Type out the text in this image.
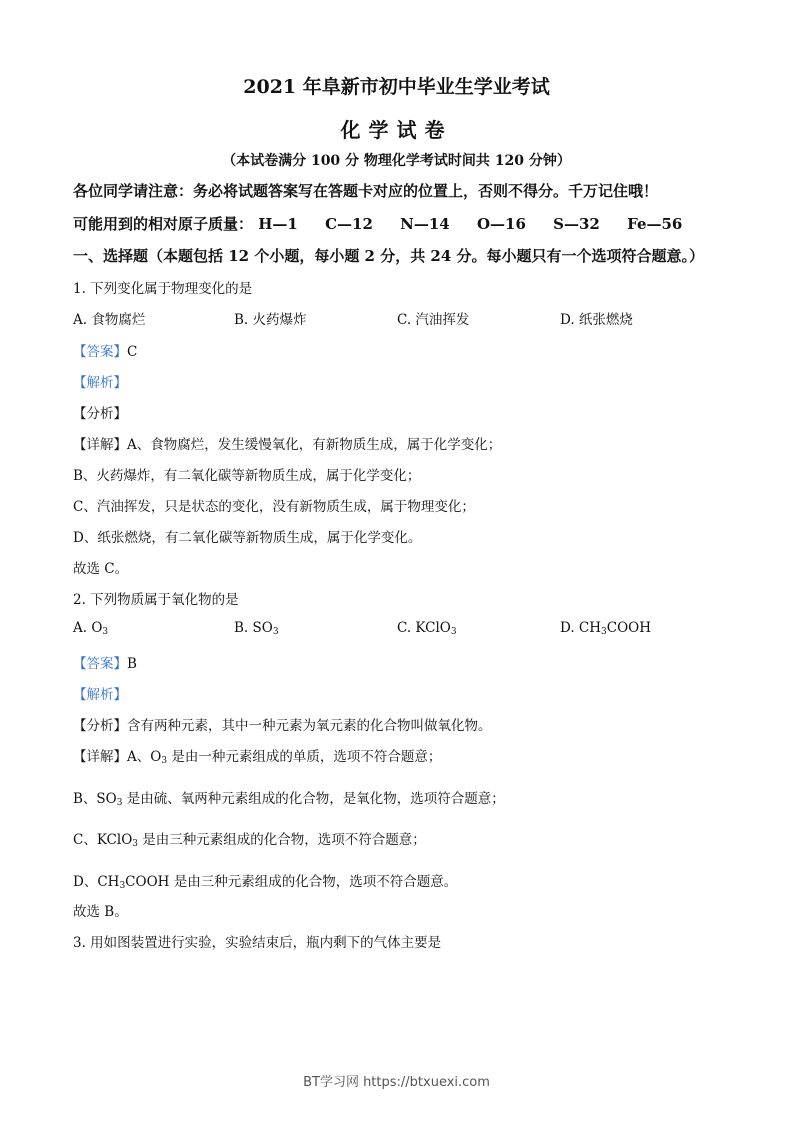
2021 年阜新市初中毕业生学业考试
化学试卷
（本试卷满分 100 分 物理化学考试时间共 120 分钟）
各位同学请注意：务必将试题答案写在答题卡对应的位置上，否则不得分。千万记住哦！
可能用到的相对原子质量： H—1 C—12 N—14 O—16 S—32 Fe—56
一、选择题（本题包括 12 个小题，每小题 2 分，共 24 分。每小题只有一个选项符合题意。）
1. 下列变化属于物理变化的是
A. 食物腐烂	B. 火药爆炸	C. 汽油挥发	D. 纸张燃烧
【答案】C
【解析】
【分析】
【详解】A、食物腐烂，发生缓慢氧化，有新物质生成，属于化学变化；
B、火药爆炸，有二氧化碳等新物质生成，属于化学变化；
C、汽油挥发，只是状态的变化，没有新物质生成，属于物理变化；
D、纸张燃烧，有二氧化碳等新物质生成，属于化学变化。
故选 C。
2. 下列物质属于氧化物的是
A. $O_3$	B. $SO_3$	C. KClO$_3$	D. $CH_3COOH$
【答案】B
【解析】
【分析】含有两种元素，其中一种元素为氧元素的化合物叫做氧化物。
【详解】A、$O_3$ 是由一种元素组成的单质，选项不符合题意；
B、$SO_3$ 是由硫、氧两种元素组成的化合物，是氧化物，选项符合题意；
C、KClO$_3$ 是由三种元素组成的化合物，选项不符合题意；
D、$CH_3COOH$ 是由三种元素组成的化合物，选项不符合题意。
故选 B。
3. 用如图装置进行实验，实验结束后，瓶内剩下的气体主要是
BT学习网 https://btxuexi.com
